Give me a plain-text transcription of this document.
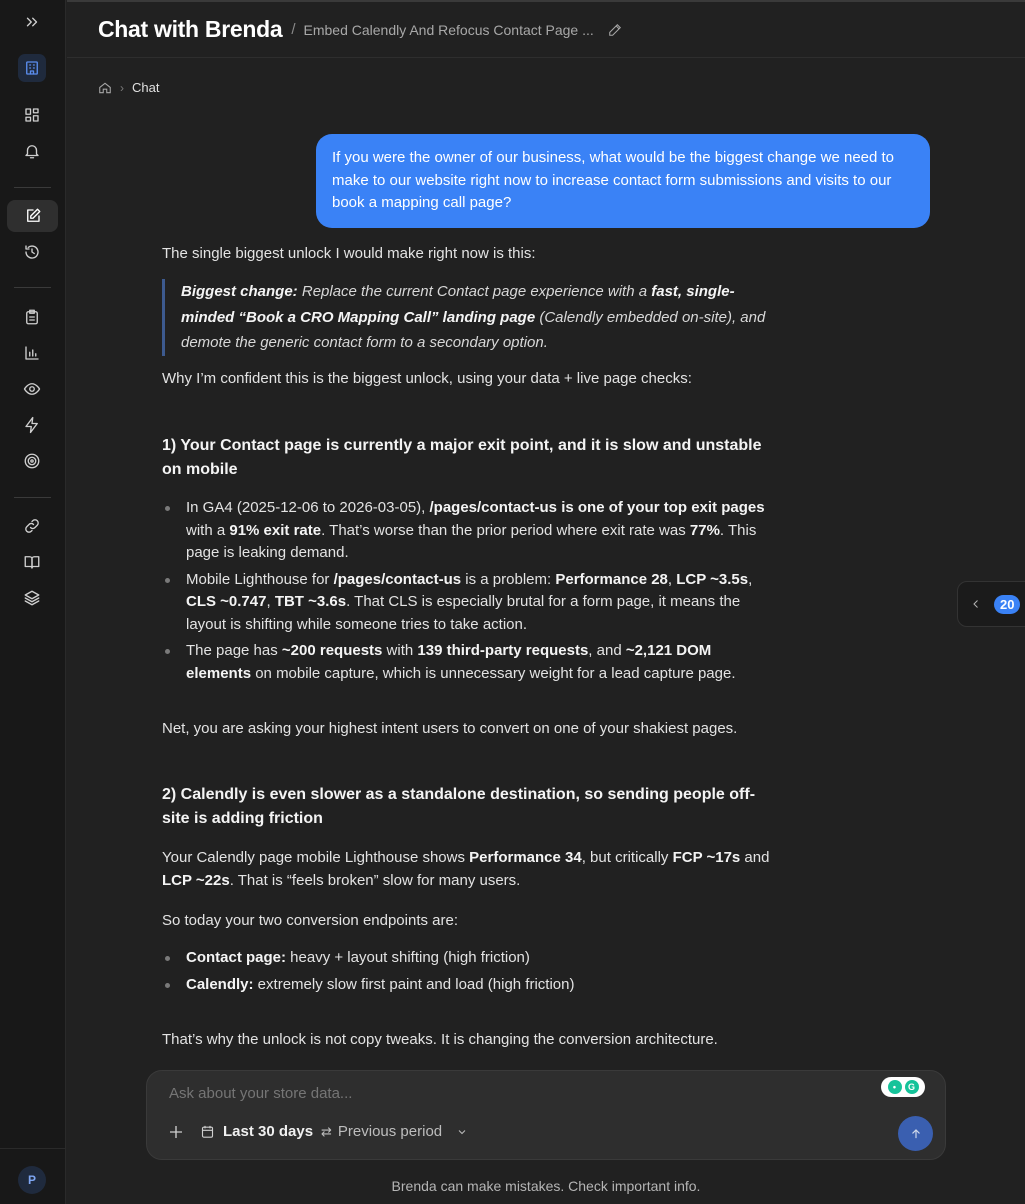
P
Chat with Brenda / Embed Calendly And Refocus Contact Page ...
› Chat
If you were the owner of our business, what would be the biggest change we need to make to our website right now to increase contact form submissions and visits to our book a mapping call page?

The single biggest unlock I would make right now is this:

Biggest change: Replace the current Contact page experience with a fast, single-minded “Book a CRO Mapping Call” landing page (Calendly embedded on-site), and demote the generic contact form to a secondary option.

Why I’m confident this is the biggest unlock, using your data + live page checks:

1) Your Contact page is currently a major exit point, and it is slow and unstable on mobile
In GA4 (2025-12-06 to 2026-03-05), /pages/contact-us is one of your top exit pages with a 91% exit rate. That’s worse than the prior period where exit rate was 77%. This page is leaking demand.
Mobile Lighthouse for /pages/contact-us is a problem: Performance 28, LCP ~3.5s, CLS ~0.747, TBT ~3.6s. That CLS is especially brutal for a form page, it means the layout is shifting while someone tries to take action.
The page has ~200 requests with 139 third-party requests, and ~2,121 DOM elements on mobile capture, which is unnecessary weight for a lead capture page.

Net, you are asking your highest intent users to convert on one of your shakiest pages.

2) Calendly is even slower as a standalone destination, so sending people off-site is adding friction

Your Calendly page mobile Lighthouse shows Performance 34, but critically FCP ~17s and LCP ~22s. That is “feels broken” slow for many users.

So today your two conversion endpoints are:

Contact page: heavy + layout shifting (high friction)
Calendly: extremely slow first paint and load (high friction)

That’s why the unlock is not copy tweaks. It is changing the conversion architecture.

20
Ask about your store data...
•	G
Last 30 days ⇄ Previous period
Brenda can make mistakes. Check important info.
